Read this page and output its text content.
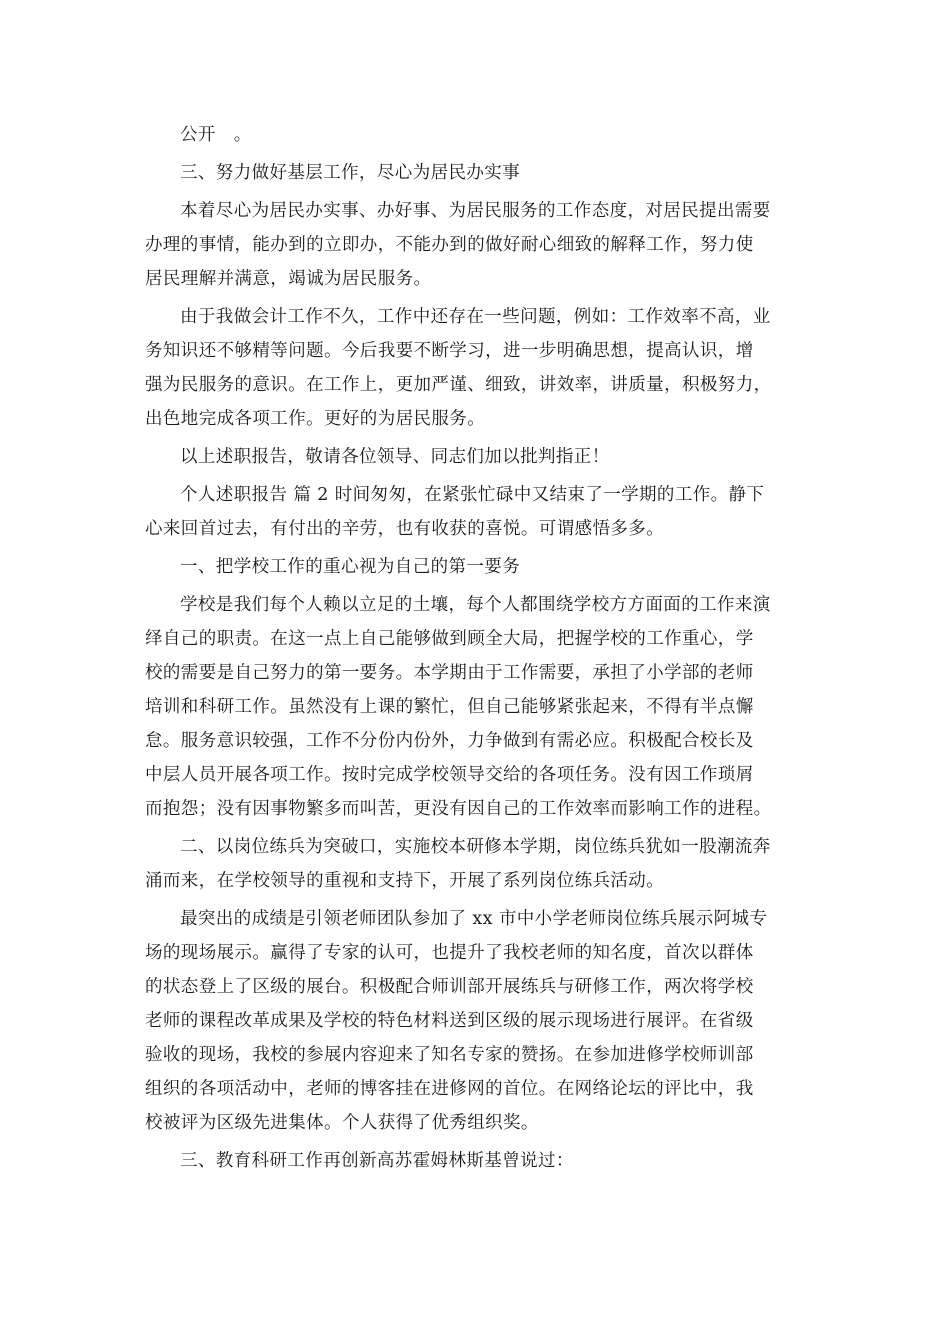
公开　。
三、努力做好基层工作，尽心为居民办实事
本着尽心为居民办实事、办好事、为居民服务的工作态度，对居民提出需要
办理的事情，能办到的立即办，不能办到的做好耐心细致的解释工作，努力使
居民理解并满意，竭诚为居民服务。
由于我做会计工作不久，工作中还存在一些问题，例如：工作效率不高，业
务知识还不够精等问题。今后我要不断学习，进一步明确思想，提高认识，增
强为民服务的意识。在工作上，更加严谨、细致，讲效率，讲质量，积极努力，
出色地完成各项工作。更好的为居民服务。
以上述职报告，敬请各位领导、同志们加以批判指正！
个人述职报告 篇 2 时间匆匆，在紧张忙碌中又结束了一学期的工作。静下
心来回首过去，有付出的辛劳，也有收获的喜悦。可谓感悟多多。
一、把学校工作的重心视为自己的第一要务
学校是我们每个人赖以立足的土壤，每个人都围绕学校方方面面的工作来演
绎自己的职责。在这一点上自己能够做到顾全大局，把握学校的工作重心，学
校的需要是自己努力的第一要务。本学期由于工作需要，承担了小学部的老师
培训和科研工作。虽然没有上课的繁忙，但自己能够紧张起来，不得有半点懈
怠。服务意识较强，工作不分份内份外，力争做到有需必应。积极配合校长及
中层人员开展各项工作。按时完成学校领导交给的各项任务。没有因工作琐屑
而抱怨；没有因事物繁多而叫苦，更没有因自己的工作效率而影响工作的进程。
二、以岗位练兵为突破口，实施校本研修本学期，岗位练兵犹如一股潮流奔
涌而来，在学校领导的重视和支持下，开展了系列岗位练兵活动。
最突出的成绩是引领老师团队参加了 xx 市中小学老师岗位练兵展示阿城专
场的现场展示。赢得了专家的认可，也提升了我校老师的知名度，首次以群体
的状态登上了区级的展台。积极配合师训部开展练兵与研修工作，两次将学校
老师的课程改革成果及学校的特色材料送到区级的展示现场进行展评。在省级
验收的现场，我校的参展内容迎来了知名专家的赞扬。在参加进修学校师训部
组织的各项活动中，老师的博客挂在进修网的首位。在网络论坛的评比中，我
校被评为区级先进集体。个人获得了优秀组织奖。
三、教育科研工作再创新高苏霍姆林斯基曾说过：
